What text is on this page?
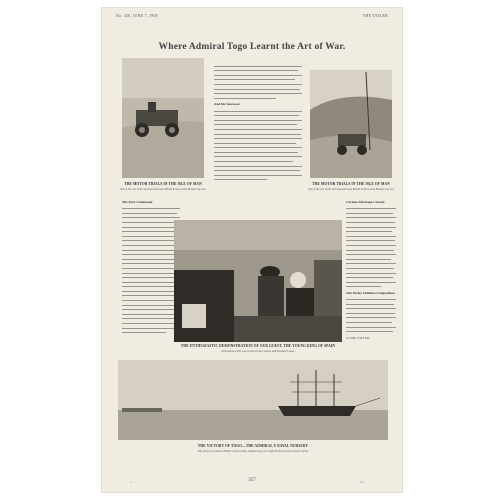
No. 359, JUNE 7, 1905	THE TATLER
Where Admiral Togo Learnt the Art of War.
THE MOTOR TRIALS IN THE ISLE OF MAN
One of the cars which will represent Great Britain in the Gordon Bennett Cup race
THE MOTOR TRIALS IN THE ISLE OF MAN
One of the cars which will represent Great Britain in the Gordon Bennett Cup race
And his Successor
The First Commoner
THE ENTHUSIASTIC DEMONSTRATION OF OUR GUEST, THE YOUNG KING OF SPAIN
King Alfonso XIII. was received in the carriage with President Loubet
Curious Marriage Custom
Our Pretty Children Competition
in THE TATLER.
THE VICTORY OF TOGO—THE ADMIRAL'S NAVAL NURSERY
This picture was taken in British waters in June. Admiral Togo was taught his first lessons in naval warfare
o	357	b 4
